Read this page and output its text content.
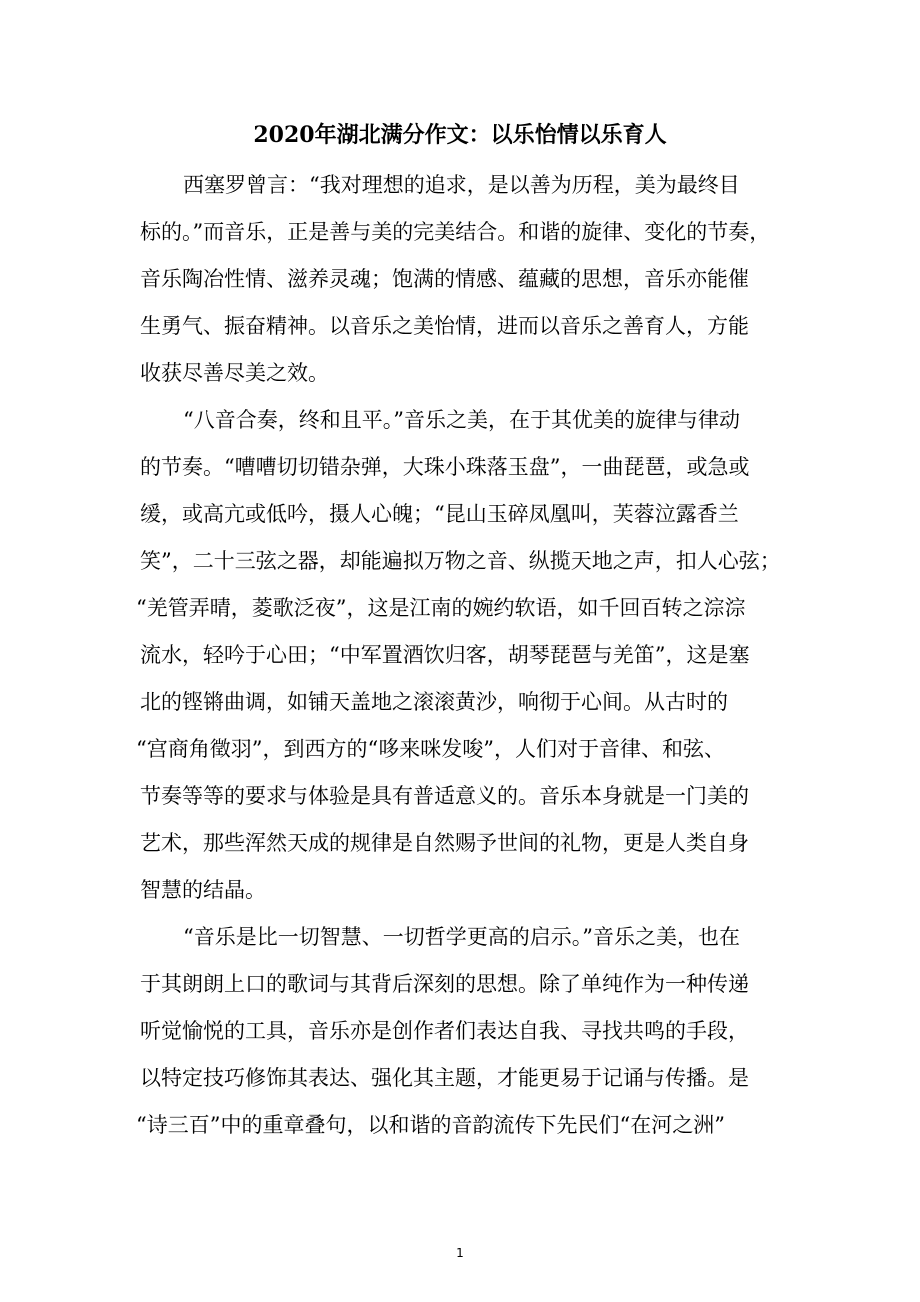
2020年湖北满分作文：以乐怡情以乐育人

西塞罗曾言：“我对理想的追求，是以善为历程，美为最终目

标的。”而音乐，正是善与美的完美结合。和谐的旋律、变化的节奏，

音乐陶冶性情、滋养灵魂；饱满的情感、蕴藏的思想，音乐亦能催

生勇气、振奋精神。以音乐之美怡情，进而以音乐之善育人，方能

收获尽善尽美之效。

“八音合奏，终和且平。”音乐之美，在于其优美的旋律与律动

的节奏。“嘈嘈切切错杂弹，大珠小珠落玉盘”，一曲琵琶，或急或

缓，或高亢或低吟，摄人心魄；“昆山玉碎凤凰叫，芙蓉泣露香兰

笑”，二十三弦之器，却能遍拟万物之音、纵揽天地之声，扣人心弦；

“羌管弄晴，菱歌泛夜”，这是江南的婉约软语，如千回百转之淙淙

流水，轻吟于心田；“中军置酒饮归客，胡琴琵琶与羌笛”，这是塞

北的铿锵曲调，如铺天盖地之滚滚黄沙，响彻于心间。从古时的

“宫商角徵羽”，到西方的“哆来咪发唆”，人们对于音律、和弦、

节奏等等的要求与体验是具有普适意义的。音乐本身就是一门美的

艺术，那些浑然天成的规律是自然赐予世间的礼物，更是人类自身

智慧的结晶。

“音乐是比一切智慧、一切哲学更高的启示。”音乐之美，也在

于其朗朗上口的歌词与其背后深刻的思想。除了单纯作为一种传递

听觉愉悦的工具，音乐亦是创作者们表达自我、寻找共鸣的手段，

以特定技巧修饰其表达、强化其主题，才能更易于记诵与传播。是

“诗三百”中的重章叠句，以和谐的音韵流传下先民们“在河之洲”

1
